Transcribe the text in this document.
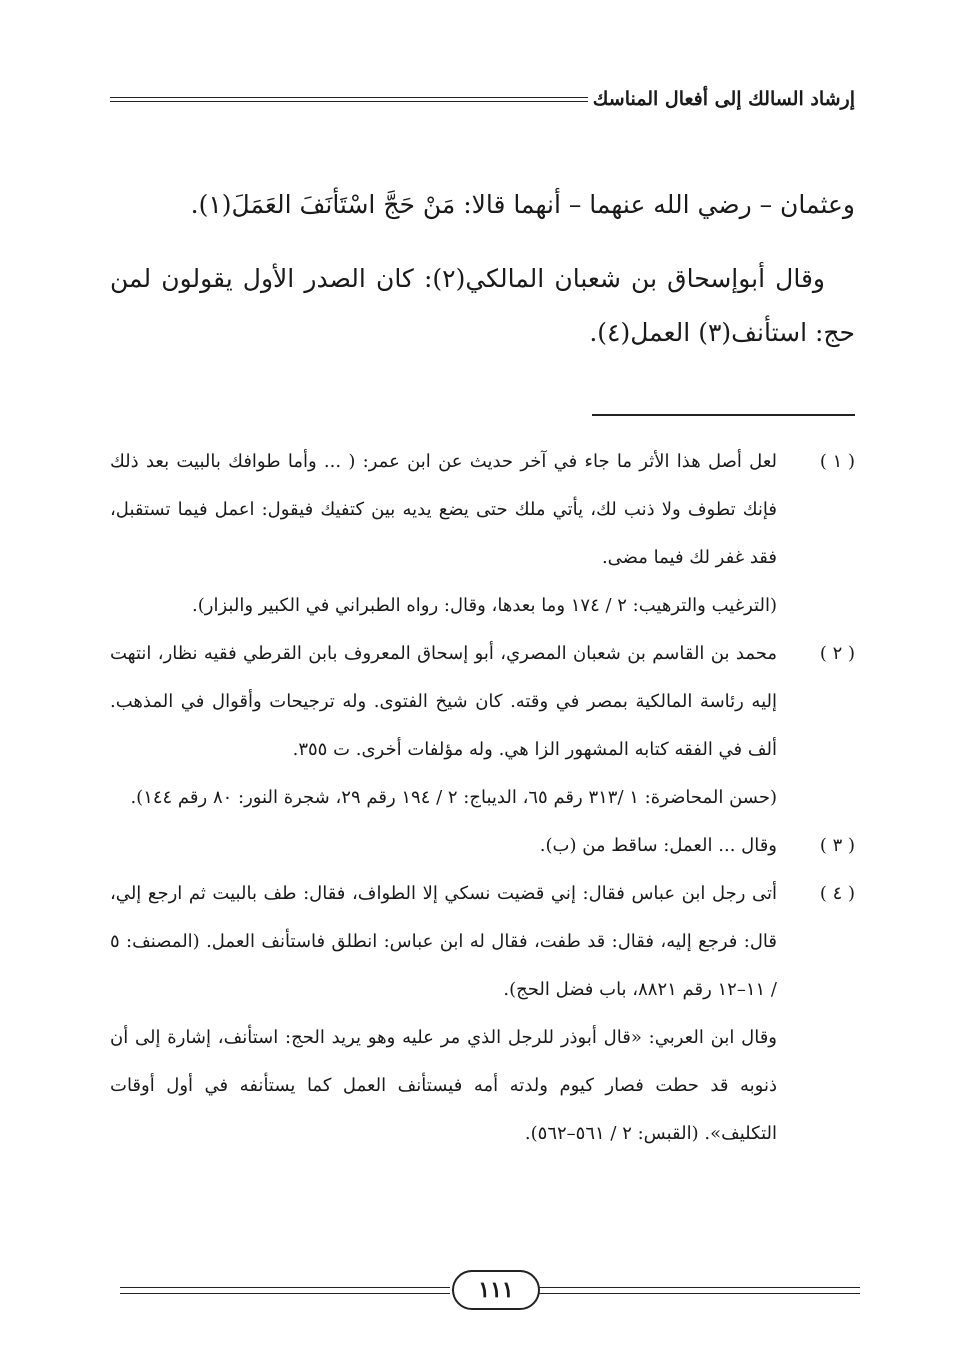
إرشاد السالك إلى أفعال المناسك

وعثمان – رضي الله عنهما – أنهما قالا: مَنْ حَجَّ اسْتَأنَفَ العَمَلَ(١).

وقال أبوإسحاق بن شعبان المالكي(٢): كان الصدر الأول يقولون لمن حج: استأنف(٣) العمل(٤).

( ١ )

لعل أصل هذا الأثر ما جاء في آخر حديث عن ابن عمر: ( ... وأما طوافك بالبيت بعد ذلك فإنك تطوف ولا ذنب لك، يأتي ملك حتى يضع يديه بين كتفيك فيقول: اعمل فيما تستقبل، فقد غفر لك فيما مضى.

(الترغيب والترهيب: ٢ / ١٧٤ وما بعدها، وقال: رواه الطبراني في الكبير والبزار).

( ٢ )

محمد بن القاسم بن شعبان المصري، أبو إسحاق المعروف بابن القرطي فقيه نظار، انتهت إليه رئاسة المالكية بمصر في وقته. كان شيخ الفتوى. وله ترجيحات وأقوال في المذهب. ألف في الفقه كتابه المشهور الزا هي. وله مؤلفات أخرى. ت ٣٥٥.

(حسن المحاضرة: ١ /٣١٣ رقم ٦٥، الديباج: ٢ / ١٩٤ رقم ٢٩، شجرة النور: ٨٠ رقم ١٤٤).

( ٣ )

وقال ... العمل: ساقط من (ب).

( ٤ )

أتى رجل ابن عباس فقال: إني قضيت نسكي إلا الطواف، فقال: طف بالبيت ثم ارجع إلي، قال: فرجع إليه، فقال: قد طفت، فقال له ابن عباس: انطلق فاستأنف العمل. (المصنف: ٥ / ١١–١٢ رقم ٨٨٢١، باب فضل الحج).

وقال ابن العربي: «قال أبوذر للرجل الذي مر عليه وهو يريد الحج: استأنف، إشارة إلى أن ذنوبه قد حطت فصار كيوم ولدته أمه فيستأنف العمل كما يستأنفه في أول أوقات التكليف». (القبس: ٢ / ٥٦١–٥٦٢).

١١١
